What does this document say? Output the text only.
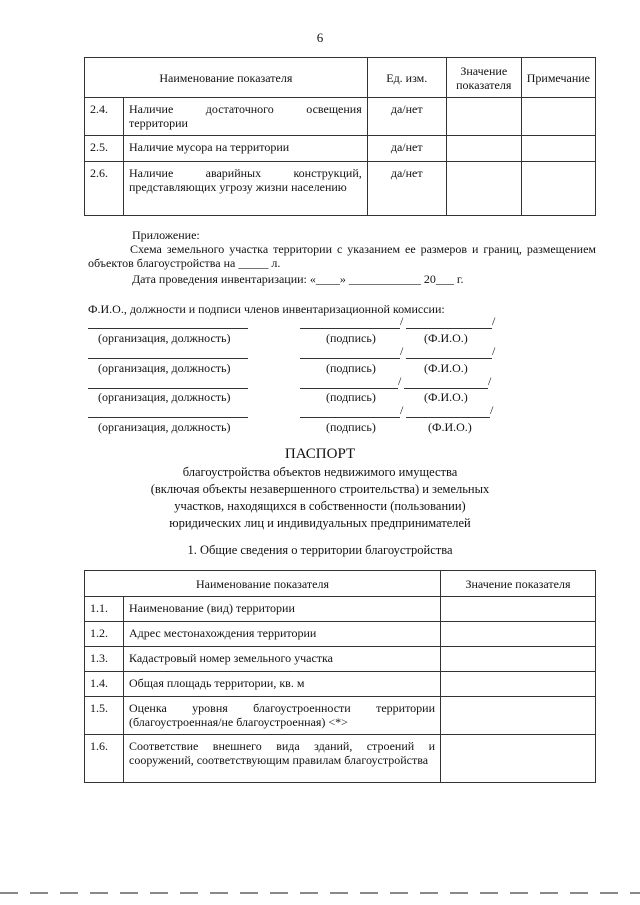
6
Наименование показателя		Ед. изм.	Значение показателя	Примечание
2.4.	Наличие достаточного освещения территории	да/нет		
2.5.	Наличие мусора на территории	да/нет		
2.6.	Наличие аварийных конструкций, представляющих угрозу жизни населению	да/нет		
Приложение:
Схема земельного участка территории с указанием ее размеров и границ, размещением объектов благоустройства на _____ л.
Дата проведения инвентаризации: «____» ____________ 20___ г.
Ф.И.О., должности и подписи членов инвентаризационной комиссии:
/	/
(организация, должность)	(подпись)	(Ф.И.О.)
/	/
(организация, должность)	(подпись)	(Ф.И.О.)
/	/
(организация, должность)	(подпись)	(Ф.И.О.)
/	/
(организация, должность)	(подпись)	(Ф.И.О.)
ПАСПОРТ
благоустройства объектов недвижимого имущества
(включая объекты незавершенного строительства) и земельных
участков, находящихся в собственности (пользовании)
юридических лиц и индивидуальных предпринимателей
1. Общие сведения о территории благоустройства
Наименование показателя		Значение показателя
1.1.	Наименование (вид) территории	
1.2.	Адрес местонахождения территории	
1.3.	Кадастровый номер земельного участка	
1.4.	Общая площадь территории, кв. м	
1.5.	Оценка уровня благоустроенности территории (благоустроенная/не благоустроенная) <*>	
1.6.	Соответствие внешнего вида зданий, строений и сооружений, соответствующим правилам благоустройства	
